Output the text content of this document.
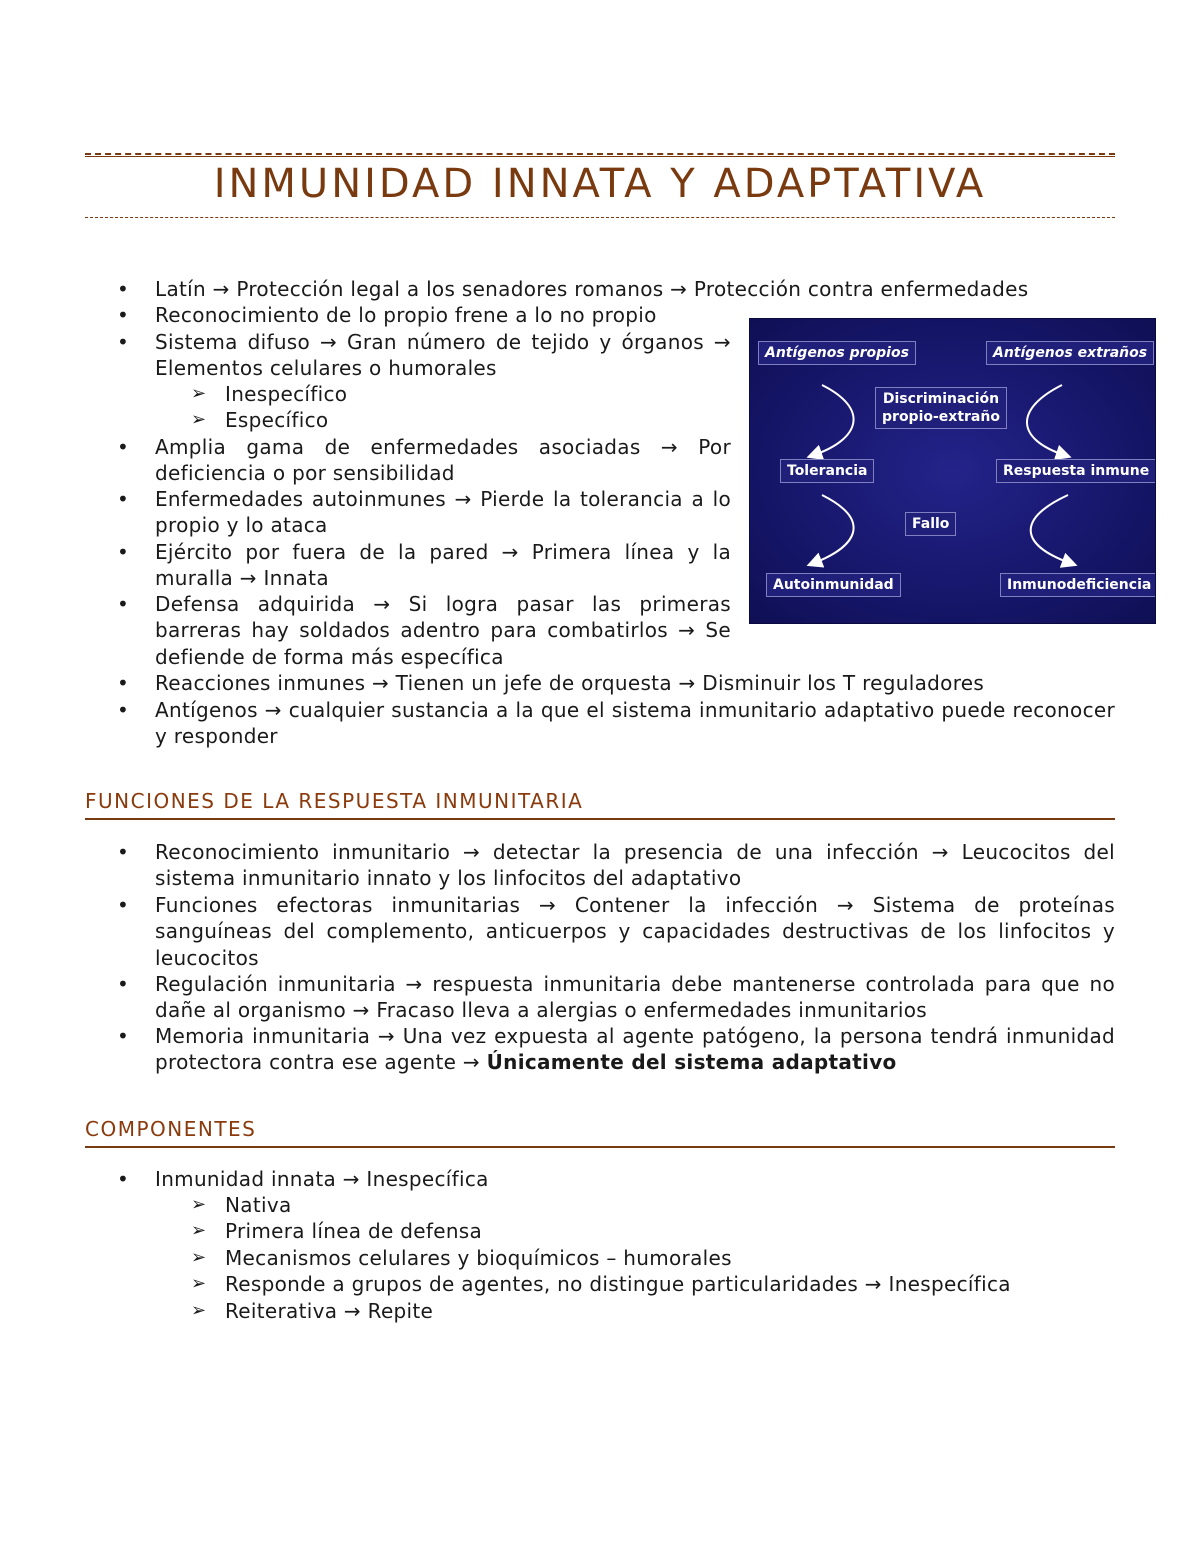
INMUNIDAD INNATA Y ADAPTATIVA
• Latín → Protección legal a los senadores romanos → Protección contra enfermedades
• Reconocimiento de lo propio frene a lo no propio
• Sistema difuso → Gran número de tejido y órganos → Elementos celulares o humorales
➢ Inespecífico
➢ Específico
• Amplia gama de enfermedades asociadas → Por deficiencia o por sensibilidad
• Enfermedades autoinmunes → Pierde la tolerancia a lo propio y lo ataca
• Ejército por fuera de la pared → Primera línea y la muralla → Innata
• Defensa adquirida → Si logra pasar las primeras barreras hay soldados adentro para combatirlos → Se defiende de forma más específica
• Reacciones inmunes → Tienen un jefe de orquesta → Disminuir los T reguladores
• Antígenos → cualquier sustancia a la que el sistema inmunitario adaptativo puede reconocer y responder
Antígenos propios	Antígenos extraños
Discriminación propio-extraño
Tolerancia	Respuesta inmune
Fallo
Autoinmunidad	Inmunodeficiencia
FUNCIONES DE LA RESPUESTA INMUNITARIA
• Reconocimiento inmunitario → detectar la presencia de una infección → Leucocitos del sistema inmunitario innato y los linfocitos del adaptativo
• Funciones efectoras inmunitarias → Contener la infección → Sistema de proteínas sanguíneas del complemento, anticuerpos y capacidades destructivas de los linfocitos y leucocitos
• Regulación inmunitaria → respuesta inmunitaria debe mantenerse controlada para que no dañe al organismo → Fracaso lleva a alergias o enfermedades inmunitarios
• Memoria inmunitaria → Una vez expuesta al agente patógeno, la persona tendrá inmunidad protectora contra ese agente → Únicamente del sistema adaptativo
COMPONENTES
• Inmunidad innata → Inespecífica
➢ Nativa
➢ Primera línea de defensa
➢ Mecanismos celulares y bioquímicos – humorales
➢ Responde a grupos de agentes, no distingue particularidades → Inespecífica
➢ Reiterativa → Repite
